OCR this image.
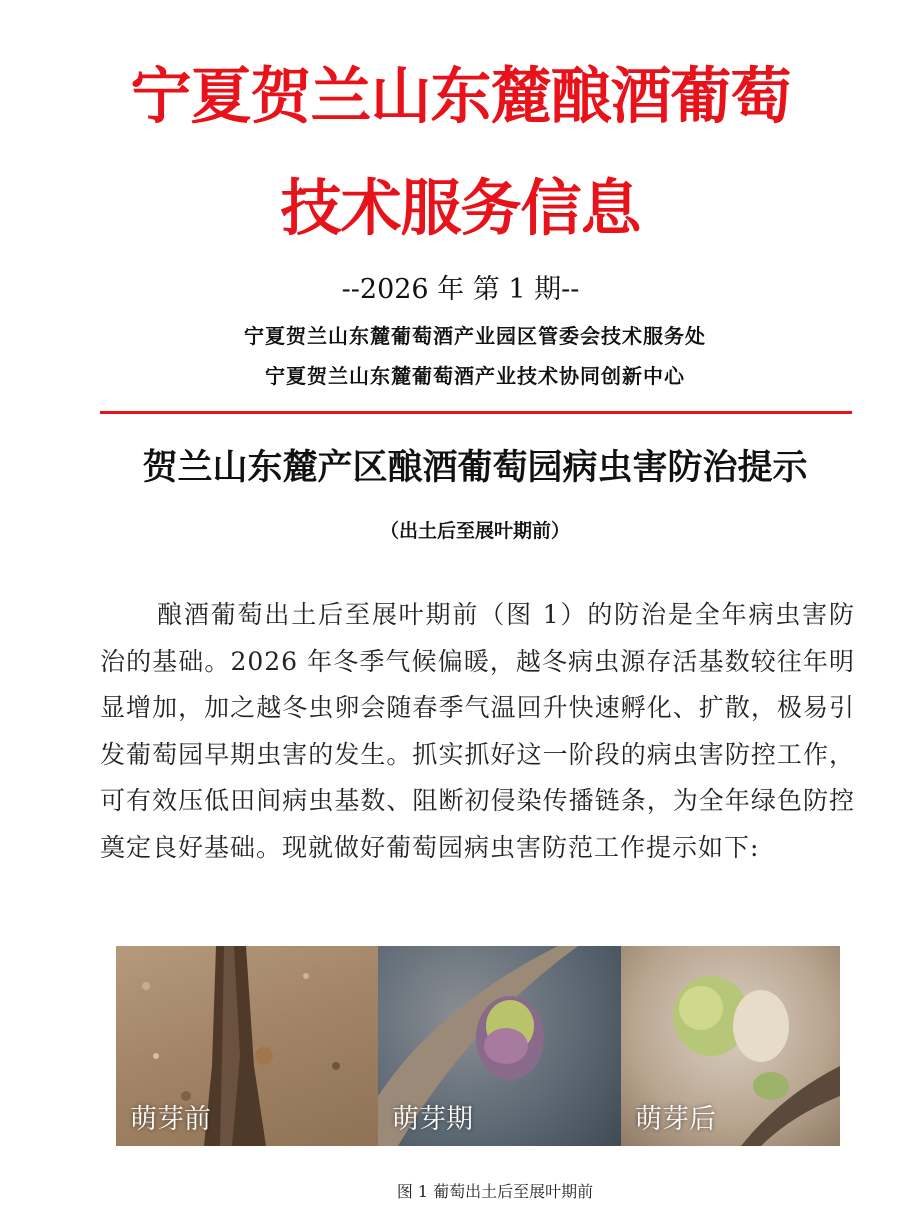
宁夏贺兰山东麓酿酒葡萄
技术服务信息
--2026 年 第 1 期--
宁夏贺兰山东麓葡萄酒产业园区管委会技术服务处
宁夏贺兰山东麓葡萄酒产业技术协同创新中心
贺兰山东麓产区酿酒葡萄园病虫害防治提示
（出土后至展叶期前）

酿酒葡萄出土后至展叶期前（图 1）的防治是全年病虫害防治的基础。2026 年冬季气候偏暖，越冬病虫源存活基数较往年明显增加，加之越冬虫卵会随春季气温回升快速孵化、扩散，极易引发葡萄园早期虫害的发生。抓实抓好这一阶段的病虫害防控工作，可有效压低田间病虫基数、阻断初侵染传播链条，为全年绿色防控奠定良好基础。现就做好葡萄园病虫害防范工作提示如下:

萌芽前	萌芽期	萌芽后
图 1 葡萄出土后至展叶期前
